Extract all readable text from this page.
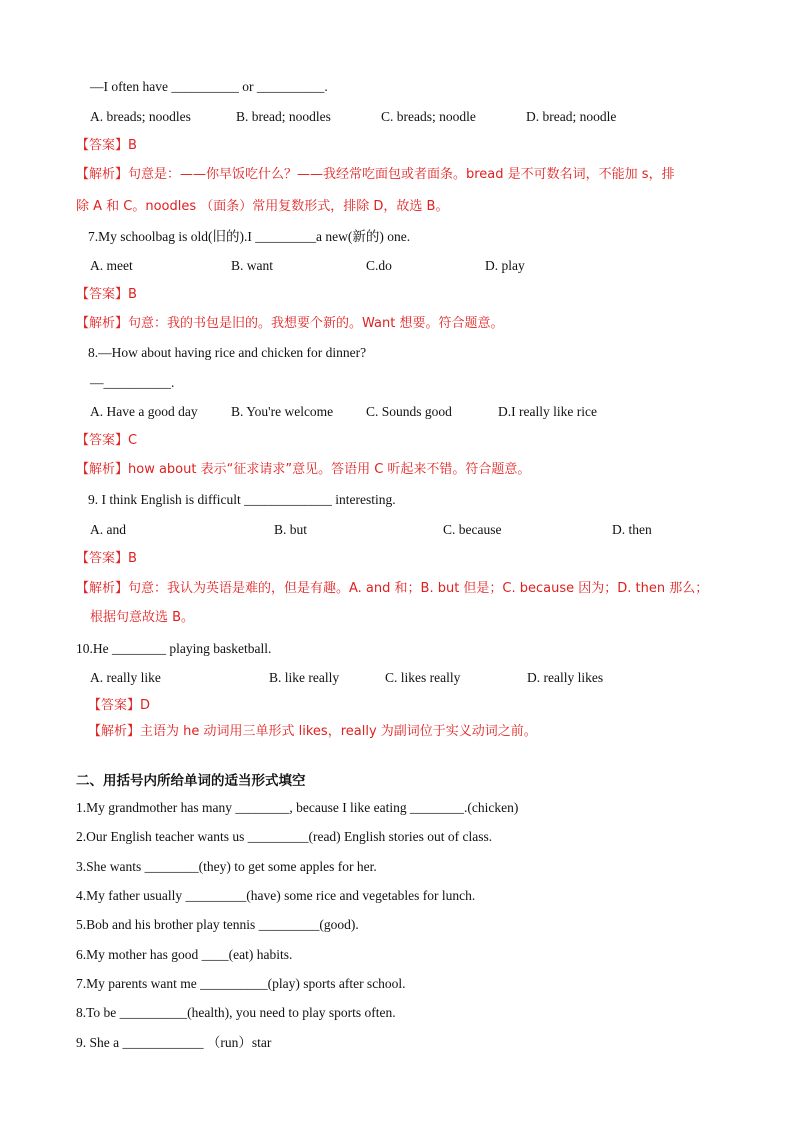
—I often have __________ or __________.
A. breads; noodles	B. bread; noodles	C. breads; noodle	D. bread; noodle
【答案】B
【解析】句意是：——你早饭吃什么？——我经常吃面包或者面条。bread 是不可数名词，不能加 s，排
除 A 和 C。noodles （面条）常用复数形式，排除 D，故选 B。
7.My schoolbag is old(旧的).I _________a new(新的) one.
A. meet	B. want	C.do	D. play
【答案】B
【解析】句意：我的书包是旧的。我想要个新的。Want 想要。符合题意。
8.—How about having rice and chicken for dinner?
—__________.
A. Have a good day B. You're welcome C. Sounds good	D.I really like rice
【答案】C
【解析】how about 表示“征求请求”意见。答语用 C 听起来不错。符合题意。
9. I think English is difficult _____________ interesting.
A. and	B. but	C. because	D. then
【答案】B
【解析】句意：我认为英语是难的，但是有趣。A. and 和；B. but 但是；C. because 因为；D. then 那么；
根据句意故选 B。
10.He ________ playing basketball.
A. really like	B. like really	C. likes really	D. really likes
【答案】D
【解析】主语为 he 动词用三单形式 likes，really 为副词位于实义动词之前。
二、用括号内所给单词的适当形式填空
1.My grandmother has many ________, because I like eating ________.(chicken)
2.Our English teacher wants us _________(read) English stories out of class.
3.She wants ________(they) to get some apples for her.
4.My father usually _________(have) some rice and vegetables for lunch.
5.Bob and his brother play tennis _________(good).
6.My mother has good ____(eat) habits.
7.My parents want me __________(play) sports after school.
8.To be __________(health), you need to play sports often.
9. She a ____________ （run）star
